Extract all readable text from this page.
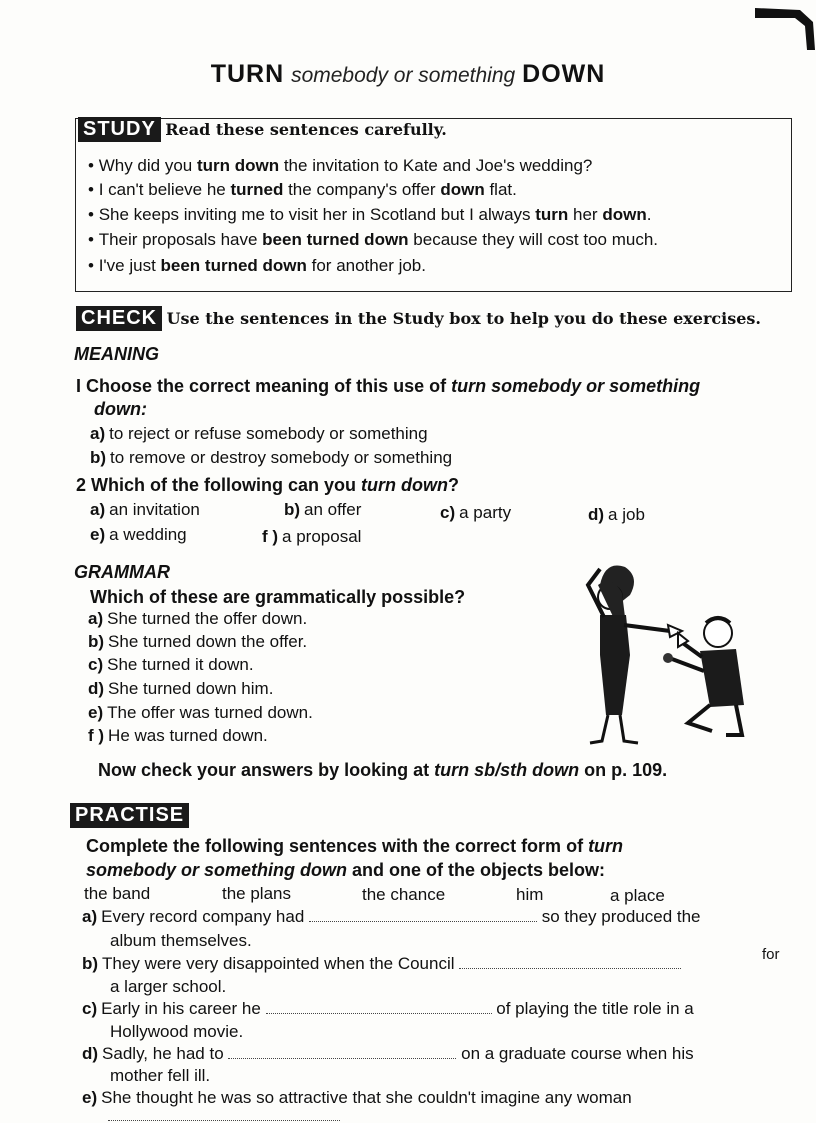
TURN somebody or something DOWN
STUDY Read these sentences carefully.
• Why did you turn down the invitation to Kate and Joe's wedding?
• I can't believe he turned the company's offer down flat.
• She keeps inviting me to visit her in Scotland but I always turn her down.
• Their proposals have been turned down because they will cost too much.
• I've just been turned down for another job.
CHECK Use the sentences in the Study box to help you do these exercises.
MEANING
I Choose the correct meaning of this use of turn somebody or something
down:
a) to reject or refuse somebody or something
b) to remove or destroy somebody or something
2 Which of the following can you turn down?
a) an invitation	b) an offer	c) a party	d) a job
e) a wedding	f ) a proposal
GRAMMAR
Which of these are grammatically possible?
a) She turned the offer down.
b) She turned down the offer.
c) She turned it down.
d) She turned down him.
e) The offer was turned down.
f ) He was turned down.
Now check your answers by looking at turn sb/sth down on p. 109.
PRACTISE
Complete the following sentences with the correct form of turn
somebody or something down and one of the objects below:
the band	the plans	the chance	him	a place
a) Every record company had	so they produced the
album themselves.
b) They were very disappointed when the Council	for
a larger school.
c) Early in his career he	of playing the title role in a
Hollywood movie.
d) Sadly, he had to	on a graduate course when his
mother fell ill.
e) She thought he was so attractive that she couldn't imagine any woman
